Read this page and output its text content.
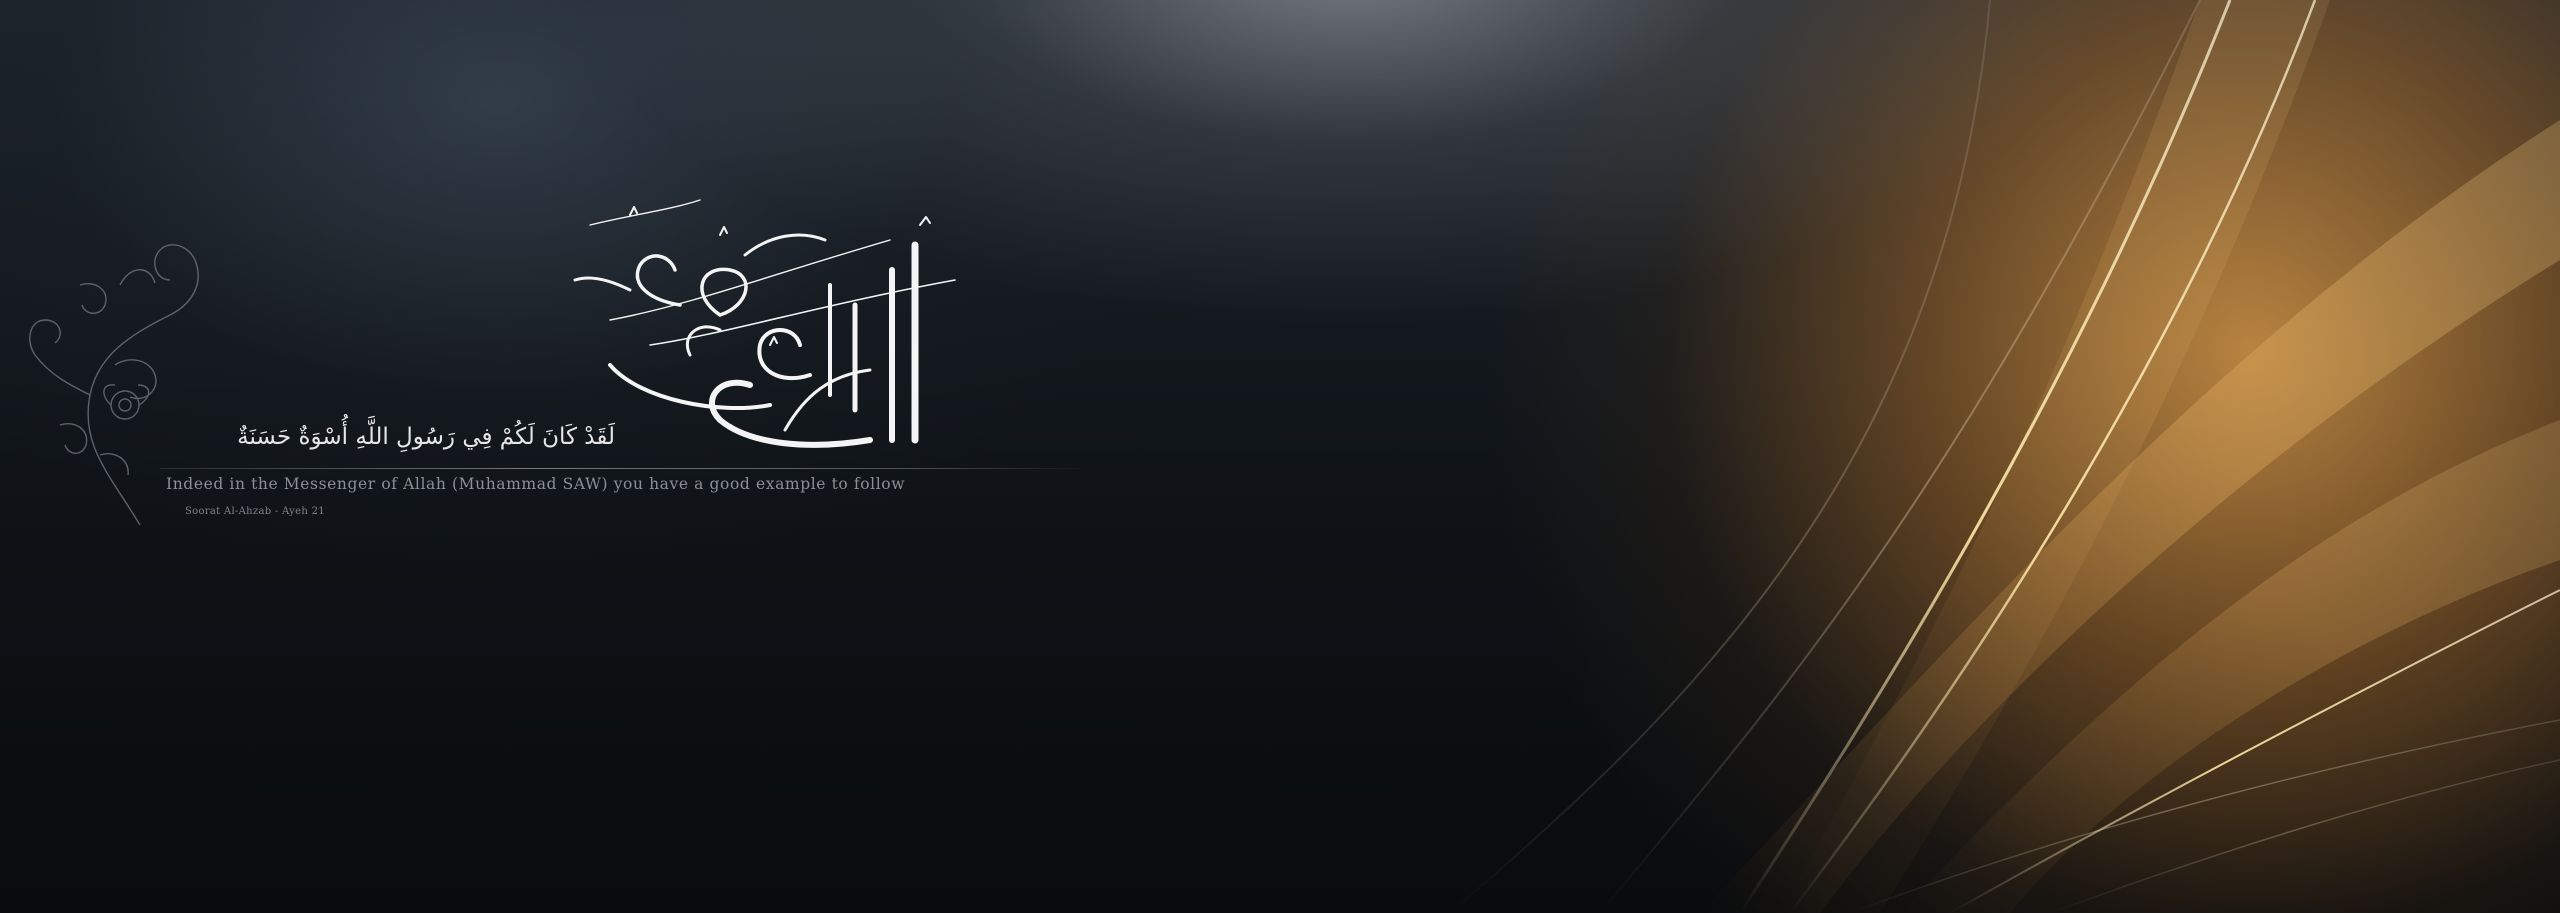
لَقَدْ كَانَ لَكُمْ فِي رَسُولِ اللَّهِ أُسْوَةٌ حَسَنَةٌ
Indeed in the Messenger of Allah (Muhammad SAW) you have a good example to follow
Soorat Al-Ahzab - Ayeh 21
